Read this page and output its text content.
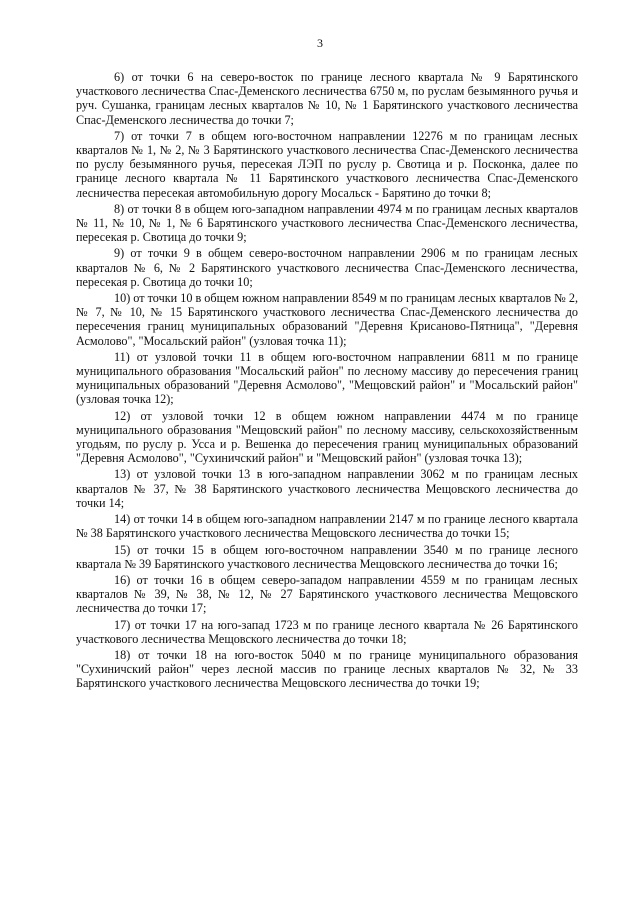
3

6) от точки 6 на северо-восток по границе лесного квартала № 9 Барятинского участкового лесничества Спас-Деменского лесничества 6750 м, по руслам безымянного ручья и руч. Сушанка, границам лесных кварталов № 10, № 1 Барятинского участкового лесничества Спас-Деменского лесничества до точки 7;

7) от точки 7 в общем юго-восточном направлении 12276 м по границам лесных кварталов № 1, № 2, № 3 Барятинского участкового лесничества Спас-Деменского лесничества по руслу безымянного ручья, пересекая ЛЭП по руслу р. Свотица и р. Посконка, далее по границе лесного квартала № 11 Барятинского участкового лесничества Спас-Деменского лесничества пересекая автомобильную дорогу Мосальск - Барятино до точки 8;

8) от точки 8 в общем юго-западном направлении 4974 м по границам лесных кварталов № 11, № 10, № 1, № 6 Барятинского участкового лесничества Спас-Деменского лесничества, пересекая р. Свотица до точки 9;

9) от точки 9 в общем северо-восточном направлении 2906 м по границам лесных кварталов № 6, № 2 Барятинского участкового лесничества Спас-Деменского лесничества, пересекая р. Свотица до точки 10;

10) от точки 10 в общем южном направлении 8549 м по границам лесных кварталов № 2, № 7, № 10, № 15 Барятинского участкового лесничества Спас-Деменского лесничества до пересечения границ муниципальных образований "Деревня Крисаново-Пятница", "Деревня Асмолово", "Мосальский район" (узловая точка 11);

11) от узловой точки 11 в общем юго-восточном направлении 6811 м по границе муниципального образования "Мосальский район" по лесному массиву до пересечения границ муниципальных образований "Деревня Асмолово", "Мещовский район" и "Мосальский район" (узловая точка 12);

12) от узловой точки 12 в общем южном направлении 4474 м по границе муниципального образования "Мещовский район" по лесному массиву, сельскохозяйственным угодьям, по руслу р. Усса и р. Вешенка до пересечения границ муниципальных образований "Деревня Асмолово", "Сухиничский район" и "Мещовский район" (узловая точка 13);

13) от узловой точки 13 в юго-западном направлении 3062 м по границам лесных кварталов № 37, № 38 Барятинского участкового лесничества Мещовского лесничества до точки 14;

14) от точки 14 в общем юго-западном направлении 2147 м по границе лесного квартала № 38 Барятинского участкового лесничества Мещовского лесничества до точки 15;

15) от точки 15 в общем юго-восточном направлении 3540 м по границе лесного квартала № 39 Барятинского участкового лесничества Мещовского лесничества до точки 16;

16) от точки 16 в общем северо-западом направлении 4559 м по границам лесных кварталов № 39, № 38, № 12, № 27 Барятинского участкового лесничества Мещовского лесничества до точки 17;

17) от точки 17 на юго-запад 1723 м по границе лесного квартала № 26 Барятинского участкового лесничества Мещовского лесничества до точки 18;

18) от точки 18 на юго-восток 5040 м по границе муниципального образования "Сухиничский район" через лесной массив по границе лесных кварталов № 32, № 33 Барятинского участкового лесничества Мещовского лесничества до точки 19;
